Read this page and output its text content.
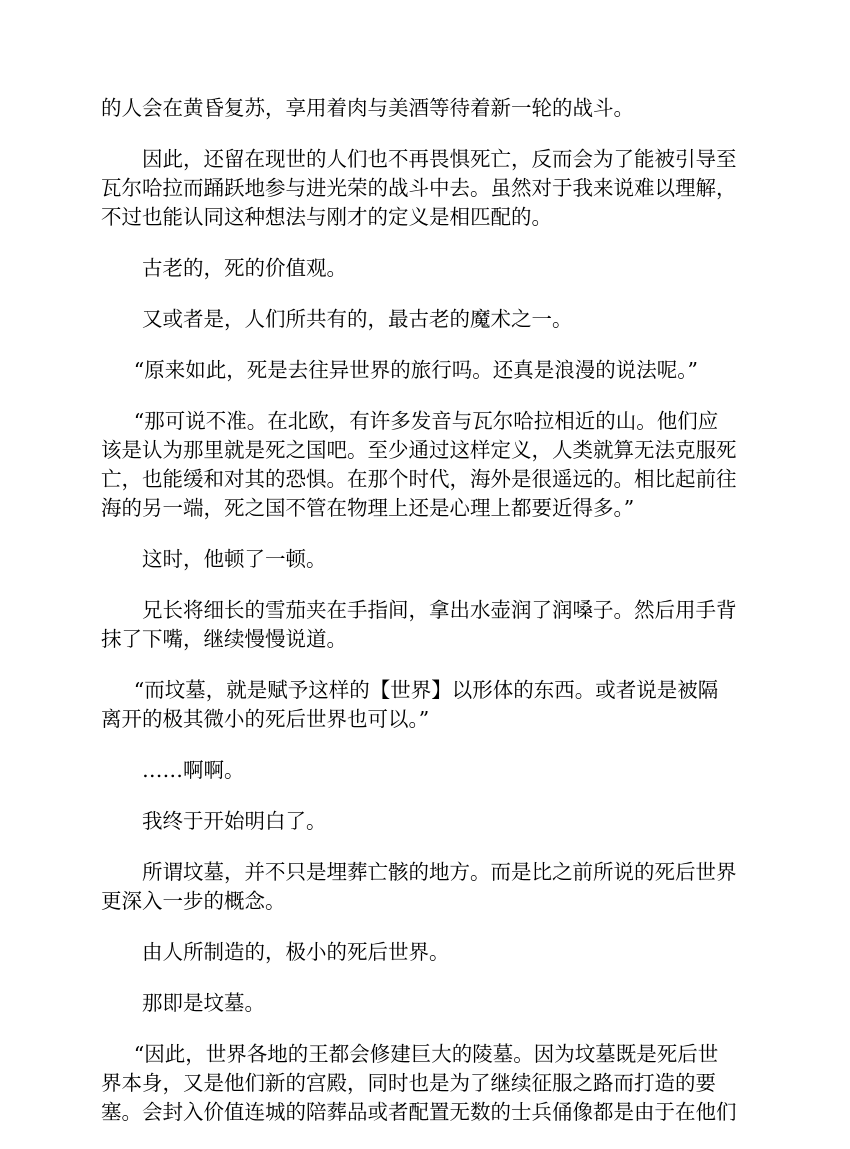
的人会在黄昏复苏，享用着肉与美酒等待着新一轮的战斗。

因此，还留在现世的人们也不再畏惧死亡，反而会为了能被引导至
瓦尔哈拉而踊跃地参与进光荣的战斗中去。虽然对于我来说难以理解，
不过也能认同这种想法与刚才的定义是相匹配的。

古老的，死的价值观。

又或者是，人们所共有的，最古老的魔术之一。

“原来如此，死是去往异世界的旅行吗。还真是浪漫的说法呢。”

“那可说不准。在北欧，有许多发音与瓦尔哈拉相近的山。他们应
该是认为那里就是死之国吧。至少通过这样定义，人类就算无法克服死
亡，也能缓和对其的恐惧。在那个时代，海外是很遥远的。相比起前往
海的另一端，死之国不管在物理上还是心理上都要近得多。”

这时，他顿了一顿。

兄长将细长的雪茄夹在手指间，拿出水壶润了润嗓子。然后用手背
抹了下嘴，继续慢慢说道。

“而坟墓，就是赋予这样的【世界】以形体的东西。或者说是被隔
离开的极其微小的死后世界也可以。”

……啊啊。

我终于开始明白了。

所谓坟墓，并不只是埋葬亡骸的地方。而是比之前所说的死后世界
更深入一步的概念。

由人所制造的，极小的死后世界。

那即是坟墓。

“因此，世界各地的王都会修建巨大的陵墓。因为坟墓既是死后世
界本身，又是他们新的宫殿，同时也是为了继续征服之路而打造的要
塞。会封入价值连城的陪葬品或者配置无数的士兵俑像都是由于在他们
